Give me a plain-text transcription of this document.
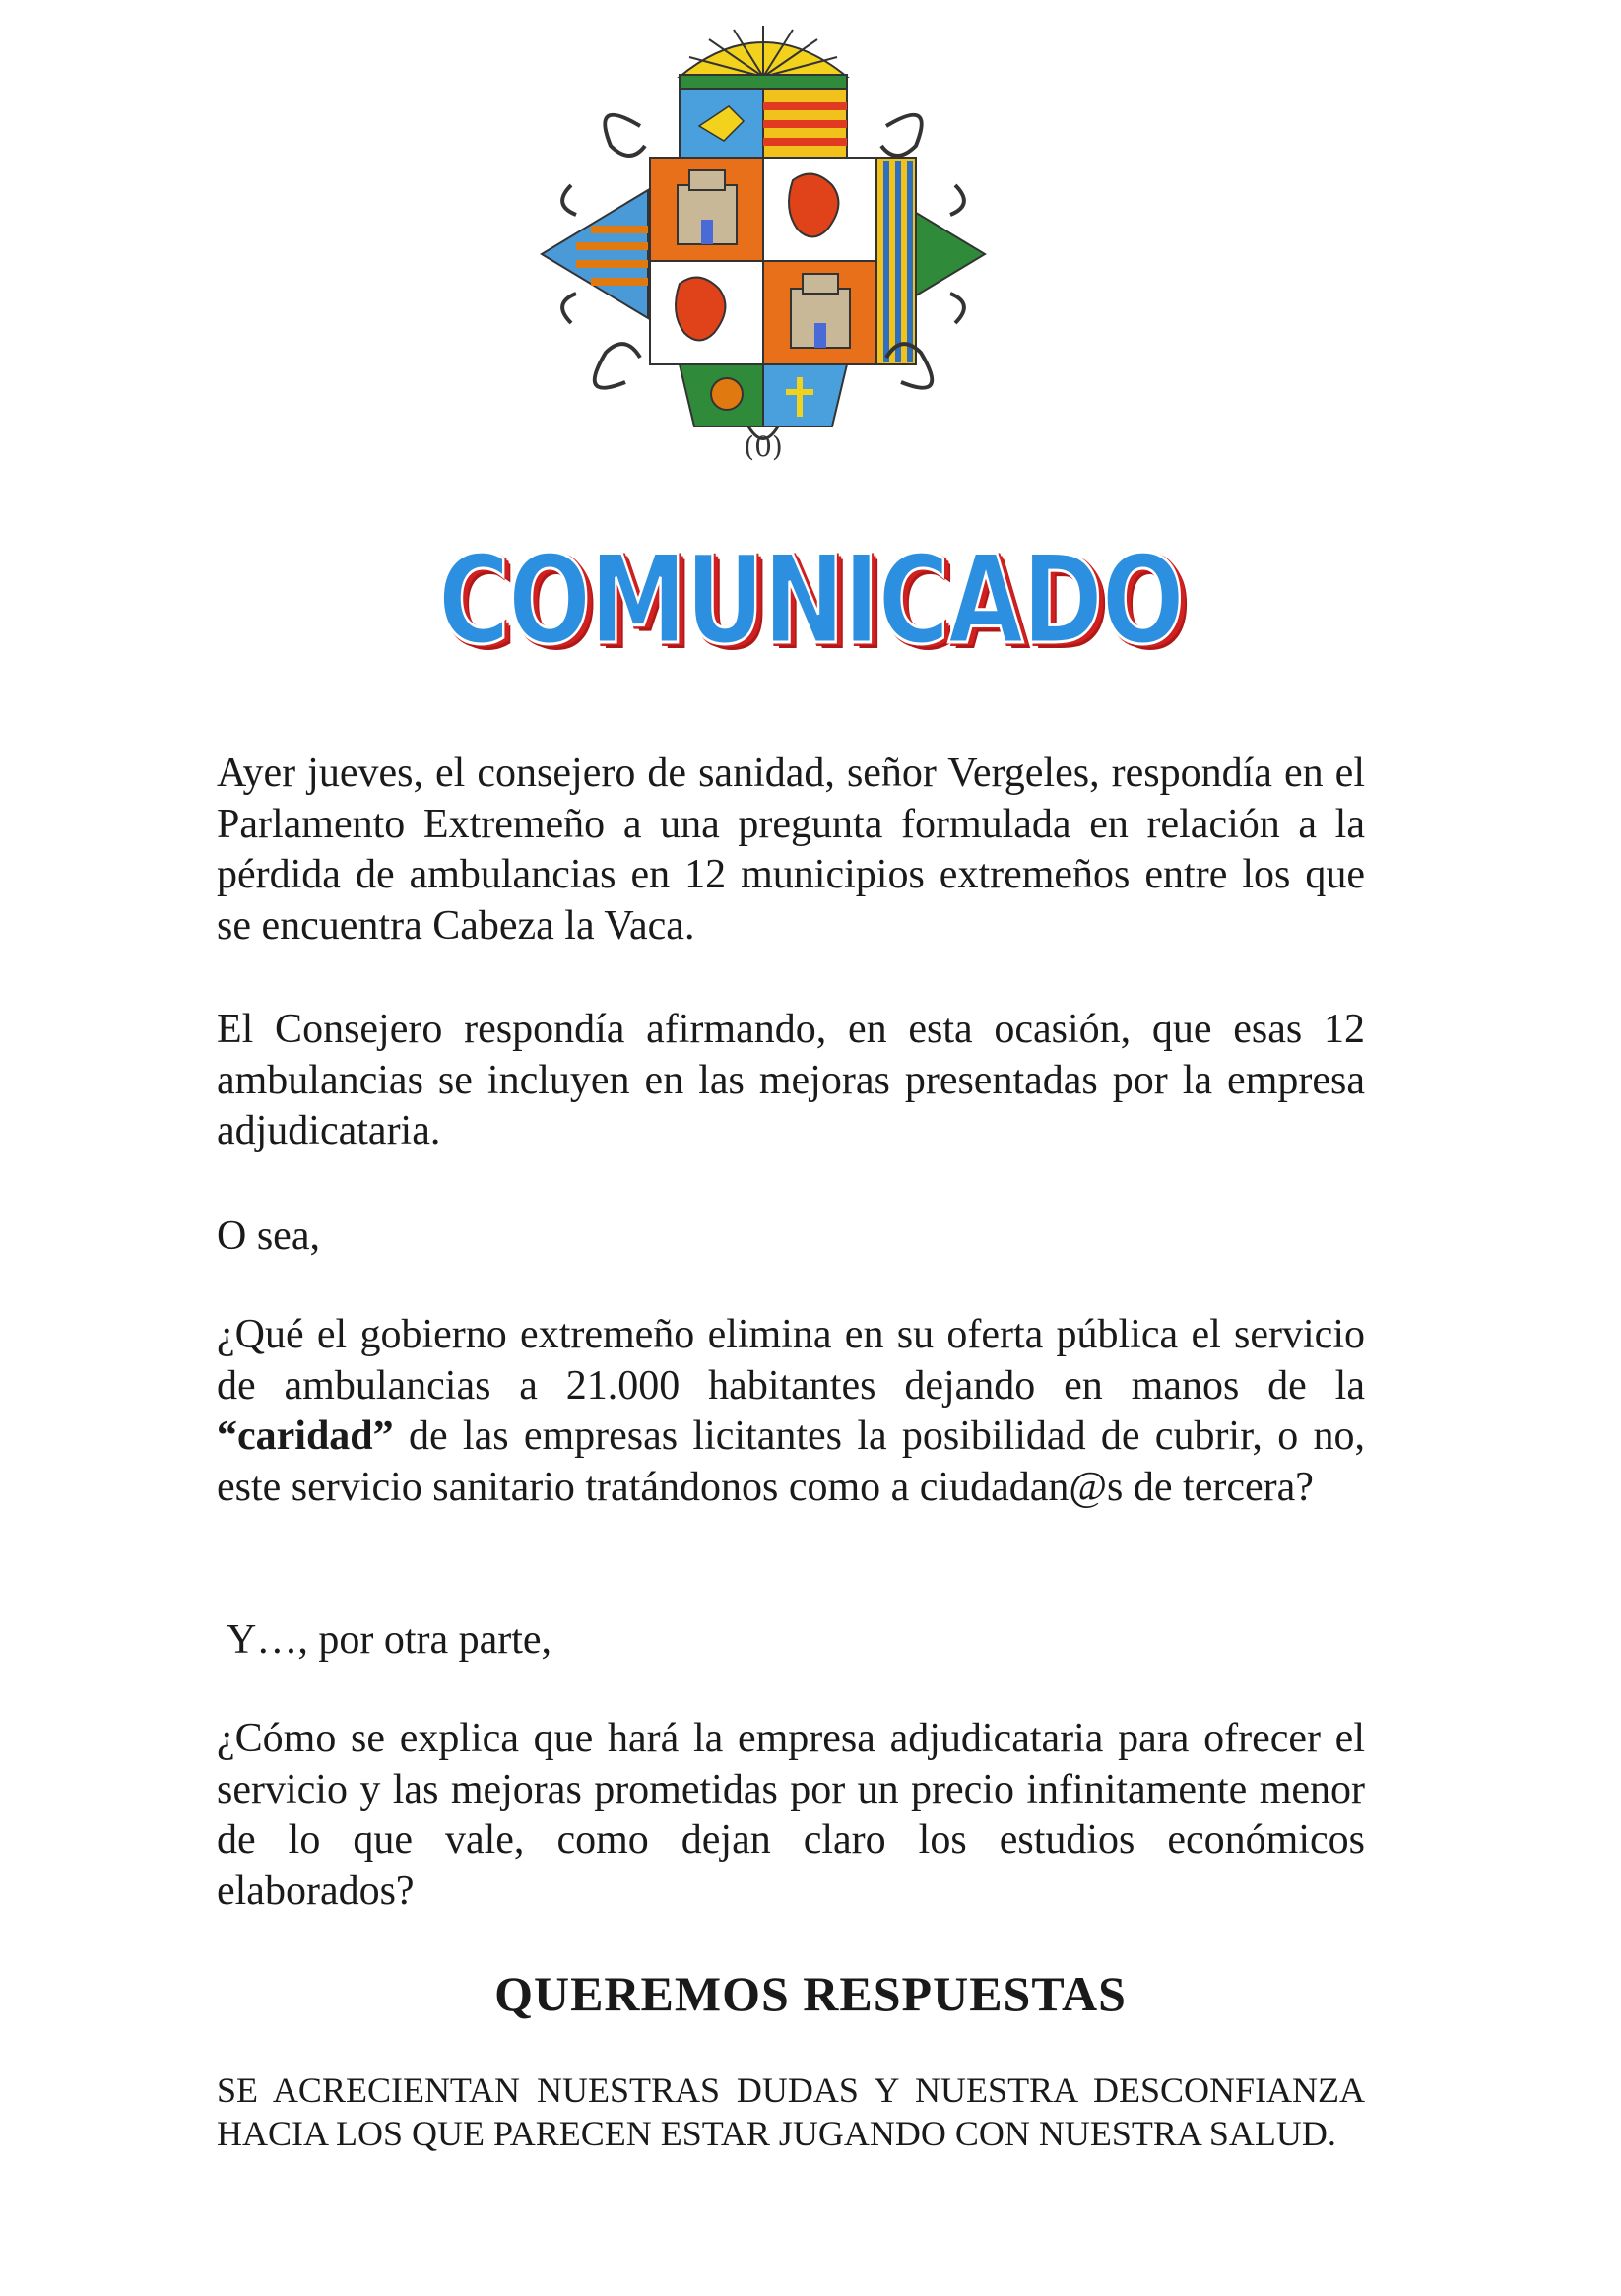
(0)
COMUNICADO
Ayer jueves, el consejero de sanidad, señor Vergeles, respondía en el Parlamento Extremeño a una pregunta formulada en relación a la pérdida de ambulancias en 12 municipios extremeños entre los que se encuentra Cabeza la Vaca.
El Consejero respondía afirmando, en esta ocasión, que esas 12 ambulancias se incluyen en las mejoras presentadas por la empresa adjudicataria.
O sea,
¿Qué el gobierno extremeño elimina en su oferta pública el servicio de ambulancias a 21.000 habitantes dejando en manos de la “caridad” de las empresas licitantes la posibilidad de cubrir, o no, este servicio sanitario tratándonos como a ciudadan@s de tercera?
Y…, por otra parte,
¿Cómo se explica que hará la empresa adjudicataria para ofrecer el servicio y las mejoras prometidas por un precio infinitamente menor de lo que vale, como dejan claro los estudios económicos elaborados?
QUEREMOS RESPUESTAS
SE ACRECIENTAN NUESTRAS DUDAS Y NUESTRA DESCONFIANZA HACIA LOS QUE PARECEN ESTAR JUGANDO CON NUESTRA SALUD.
